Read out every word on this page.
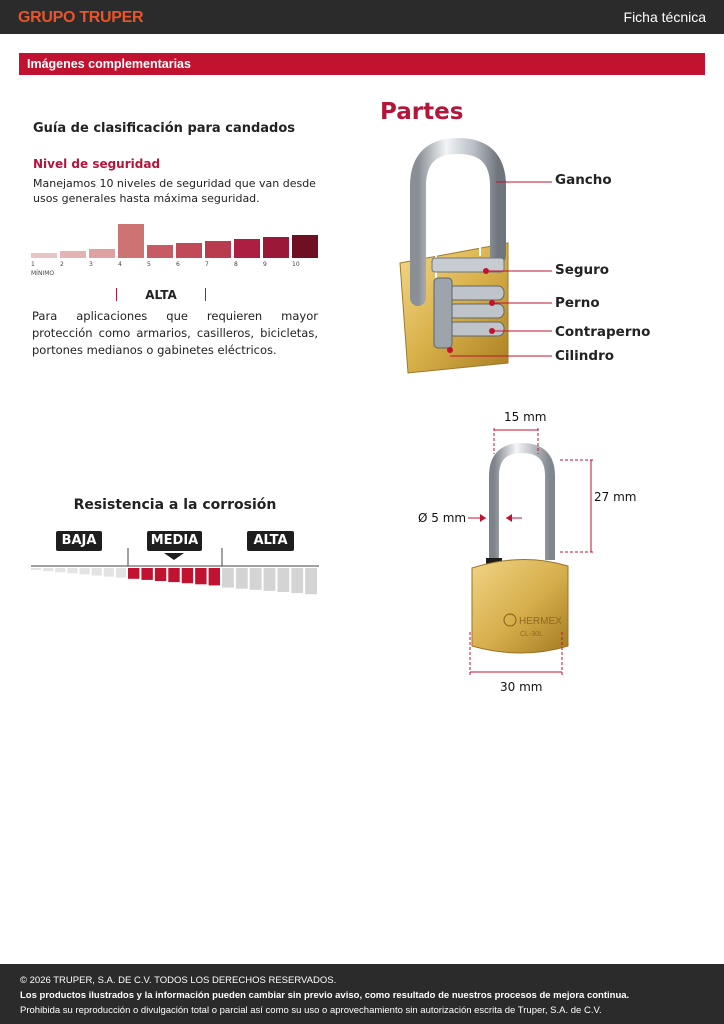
GRUPO TRUPER	Ficha técnica
Imágenes complementarias
Guía de clasificación para candados
Nivel de seguridad
Manejamos 10 niveles de seguridad que van desde usos generales hasta máxima seguridad.
1	2	3	4	5	6	7	8	9	10
MÍNIMO
ALTA
Para aplicaciones que requieren mayor protección como armarios, casilleros, bicicletas, portones medianos o gabinetes eléctricos.
Partes
Gancho
Seguro
Perno
Contraperno
Cilindro
Resistencia a la corrosión
BAJA	MEDIA	ALTA
HERMEX
CL-30L
15 mm
27 mm
Ø 5 mm
30 mm
© 2026 TRUPER, S.A. DE C.V. TODOS LOS DERECHOS RESERVADOS.
Los productos ilustrados y la información pueden cambiar sin previo aviso, como resultado de nuestros procesos de mejora continua.
Prohibida su reproducción o divulgación total o parcial así como su uso o aprovechamiento sin autorización escrita de Truper, S.A. de C.V.
